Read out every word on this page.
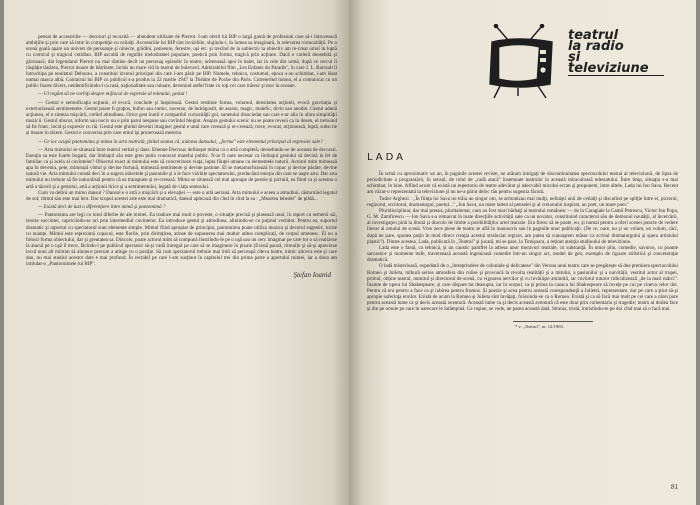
pensat de accesoriile — decoruri şi recuzită — abundent utilizate de Pierrot. I-am oferit lui BIP o largă gamă de profesiuni care să-i întrucească ambiţiile şi prin care să intre în competiţie cu ceilalţi. Accesoriile lui BIP sînt invizibile, slujindu-i, în lumea sa imaginară, la relevarea virtuozităţii. Pe o scenă goală apare un univers de persoanje şi obiecte, grădini, patiseure, ferestre, uşi etc. şi trecînd de la subiectiv la obiectiv am re-creat omul în luptă cu comicul şi tragicul cotidian. BIP ascultă de regulile melodramei populare, poetică prin forma, tragică prin acţiune. Dacă o carieră deosebită şi glorioasă, din legendarul Pierrot nu mai rămîne decît un personaj episodic în teatru; urîtenoasă apoi în balet, iar în cele din urmă, după ce cercul îi răspăţie tânărea, Pierrot moare de bătrînete, închis un mare vid în teatrul de bulevard. Admirabilul film „Les Enfants du Paradis", în care J. L. Barrault îl întruchipa pe neuitatul Deburau, a constituit izvorul principal din care l-am păzit pe BIP. Numele, tehnica, costumul, epoca s-au schimbat, i-am lăsat numai masca albă. Contactul lui BIP cu publicul s-a produs la 22 martie 1947 la Théâtre de Poche din Paris. Cutreierînd lumea, el a comunicat cu un public foarte divers, neidentificându-l ca rasă, naţionalitate sau culoare, devenind astfel frate cu toţi cei care trăiesc şi mor la oceane.

— Ul regăm să ne vorbiţi despre mijlocul de expresie al mimului, gestul !

— Gestul e semnificaţia acţiunii, el evocă, conclude şi înspirează. Gestul restituie forma, volumul, densitatea acţiunii, evocă gravitaţia şi exteriorizează sentimentele. Gestul poate fi graţios, bufon sau comic, suveran, de îndrăgostit, de asasin, magic, malefic, divin sau anodin. Gestul adună acţiunea, el e sinteza mişcării, creînd atitudinea. Orice gest inutil e compatibil curiozităţii gol, sunetului disociedat sau care e-ar alia în afara simplităţii muzicii. Gestul obscur, inform sau nociv nu e prin parul nespuse sau cuvîntul blegiut. Asupra gestului scenic nu se poate reveni ca în desen, el trebuind să fie franc, lucid şi expresiv cu răi. Gestul este ghidul devenii imagine; gestul e unul care creează şi re-creează, trece, evocat, acţionează, luptă, subscrie şi moare în tăcere. Gestul e conversia prin care omul îşi proiectează meseria.

— Ce loc ocupă pantomima şi mima în arta teatrală, ţinînd seama că, aidoma dansului, „forma" este elementul principal al expresiei sale?

— Arta mimului se situează între teatrul verbal şi dans. Etienne Decroux defineşte mima ca o artă completă, deosebindu-se de aceasta de decorari. Esenţia sa este foarte bogată, dar limbajul său este greu putin cunoscut marelui public. N-ar fi oare necesar ca limbajul gestului să devină la fel de familiar ca şi acela al cuvîntelor? Obiectul exact al mimului este să concretizeze viaţa, lupta fiinţei umane cu elementele naturii. Actorul mim mimează apa în deveniu, pete, mimează vîntul şi devine furtună, mimează sentimente şi devine pasiune. El se metamorfozează în copac şi devine păsăre, devine natură vie. Arta mimului constă deci în a sugera obiectele şi pasiunile şi a le face vizibile spectatorului, producând emoţia din care se naşte arta. Dar arta mimului nu trebuie să fie naturalistă pentru că ea transpune şi re-creează. Mima se situează cel mai aproape de poezie şi pictură, ea fiind ca şi acestea o artă a tăcerii şi a gestului, artă a acţiunii lirice şi a sentimentului, legată de viaţa semnului.

Cum va defini un mimo dansul ? Dansul e o artă a mişcării şi a elevaţiei — este o artă aeriană. Arta mimului e aceea a atitudinii, răsturnînd legatul de sol; ritmul său este mai lent. Dar scopul acestei arte este mai dramatică, dansul aplecază din cînd în cînd la ea : „Moartea lebedei" de pildă...

— Există deci de luzt o diferenţiere între mimă şi pantomimă ?

— Pantomima are legi cu totul diferite de ale mimei. Ea traduce mai mult o poveste, o situaţie precisă şi plasează unul, în raport cu semenii săi, istorie succintei, capriciindu-se uri prin intermediul cuvintelor. Ea introduce gestul şi atitudinea, aliniindu-se cu puţinul vorbitor. Pentru ea, suportul dramatic şi raportul cu spectatorul sunt elemente simple. Mimul fiind apropiat de principiu, pantomima poate utiliza muzica şi decorul sugestiv, tocite cu nuanţe. Mimul este reprezintă copacul, este florile, prin dirimţirea, atinse de supunerea mai multor atîtea complicaţi, de corpul omenesc. El nu a folosit forma obiectului, dar şi greutatea sa. Dincolo, poate actorul mim să compună ilustrîndu-le pe o uşă sau un cerc imaginar pe care tot o să realizeze la atacul pe o uşă îl trece, făcîndu-l pe publicul spectator să-şi vadă întregul pe care să se imagineze în ploaie (Există pauză, ritmul)e şi să-şi aprecieze locul unui alt mimim să alunece precum a atinge cu o poziţie. Să cum spectatorul trebuie mai întîi să perceapă cîteva teatre, nimic altceva este şi care dau, nu mai studiul acestor date e mai profund. În rectabil pe care l-am susţinut în capitolul trei din prima parte a aportului mimei, iar a doua am intitulat-o „Pantomimele lui BIP".

Ştefan Ioanid
teatrul
la radio
şi
televiziune
LADA

În urmă cu aproximativ un an, în paginile acestei reviste, ne arătam intrigaţi de discontinuitatea spectacolului teatral al televiziunii, de lipsa de periodicitate a programării, în sensul, de rolul de „radă atacă" însemnate teatrului în această miraculoasă telestatului. Între timp, situaţia s-a mai schimbat, în bine. Aflînd acum că există un repertoriu de teatre adevărat şi adecvabil micului ecran şi propunem, între altele, Lada lui Ion Sava. Recent am văzut-o reprezentată la televiziune şi nu ne-a părut deloc rău pentru sugestia făcută.

Tudor Arghezi : „În fiinţa lui Sava nu trăia un singur om, se armonizau mai mulţi, nelinişti unii de ceilalţi şi discutînd pe spliţie între ei, pictorul, regizorul, scriitorul, dramaturgul, poetul..." „Ion Sava, un mare talent al penselei şi al creionului inspirat, un poet, un mare poet."

Pluridisciplinar, dar mai presus, pluritalentat, cum au fost mari bărbaţi ai teatrului românesc — de la Caragiale la Camil Petrescu, Victor Ion Popa, G. M. Zamfirescu — Ion Sava s-a remarcat în toate direcţiile activităţii sale ca un novator, constituind caracterul său de demonul noutăţii, al încercării, al investigaţiei pînă la limită şi dincolo de limite a posibilităţilor artei teatrale. Era firesc să se poate, eu, şi numai pentru a oferi scenei puncte de vedere literar al omului de scenă. Vreo zece piese de teatru se află în manuscris sau în paginile unor publicaţii. (De ce, oare, nu şi un volum, un volum, căci, după ne pare, spunea puţin în mod direct creaţia acestui straluciat regizor, am putea să cunoaştem măsur ca scrisul dramaturgului şi spera artistului plastic?). Dintre acestea, Lada, publicată în „Teatrul" şi jucată, mi se pare, la Timişoara, a reţinut atenţia studioului de televiziune.

Lada este o farsă, cu tehnică, şi un caustic pamflet la adresa unor moravuri teatrale, cu substanţă. În umor plin, comedie, savuros, cu poante sarcastice şi momente bufe, traversează această ingenioasă comedie într-un singur act, model de gen, exemplu de rigoare stilistică şi concentraţie dramatică.

O ladă misterioasă, expediată de o „întreprindere de coloniale şi delicatese" din Verona unui teatru care se pregăteşte să dea premiera spectacolului Romeo şi Julieta, tulbură serios atmosfera din culise şi provoacă la revolta realităţii şi a mitului, a pasiunilor şi a naivităţii, vestitul actor al trupei, primul, obţine teatrul, numitul şi directorul de scenă, cu vigoarea nervilor şi cu tovărăşie amintită, iar cuvîntul tuturor ridiculizează „de la mari mărci". Înainte de opera lui Shakespeare, și care dispare tot deasupra, iar în scopul, ca şi prima la cazaca lui Shakespeare să înveţe pe cui pe cineva celor doi. Pentru că era pentru a face ca şi iubirea pentru frumos. Și poezie şi acea pentru această corespondenţă a Julietei, reprezentare, dar pe care a ştiut să-şi apropie suferinţa eroilor. Există de acum la Romeo şi Julieta sînt învăţaţi, folosindu-se ca o Romeo. Există şi ca să facă mai mult pe cei care a cărei pare pentru această lume ca şi decis această aventură. Această lume ca şi decis această aventură că este doar prin comentariu şi tragedie; teatru al doilea face şi din pe omule pe care în oarecare le întâmpină. Ce ruşine, se vede, ne parea această dată. Strania, tristă, întristîndu-se pe doi cînd mai să o facă mai.

* v. „Teatrul", nr. 12/1963.
81
